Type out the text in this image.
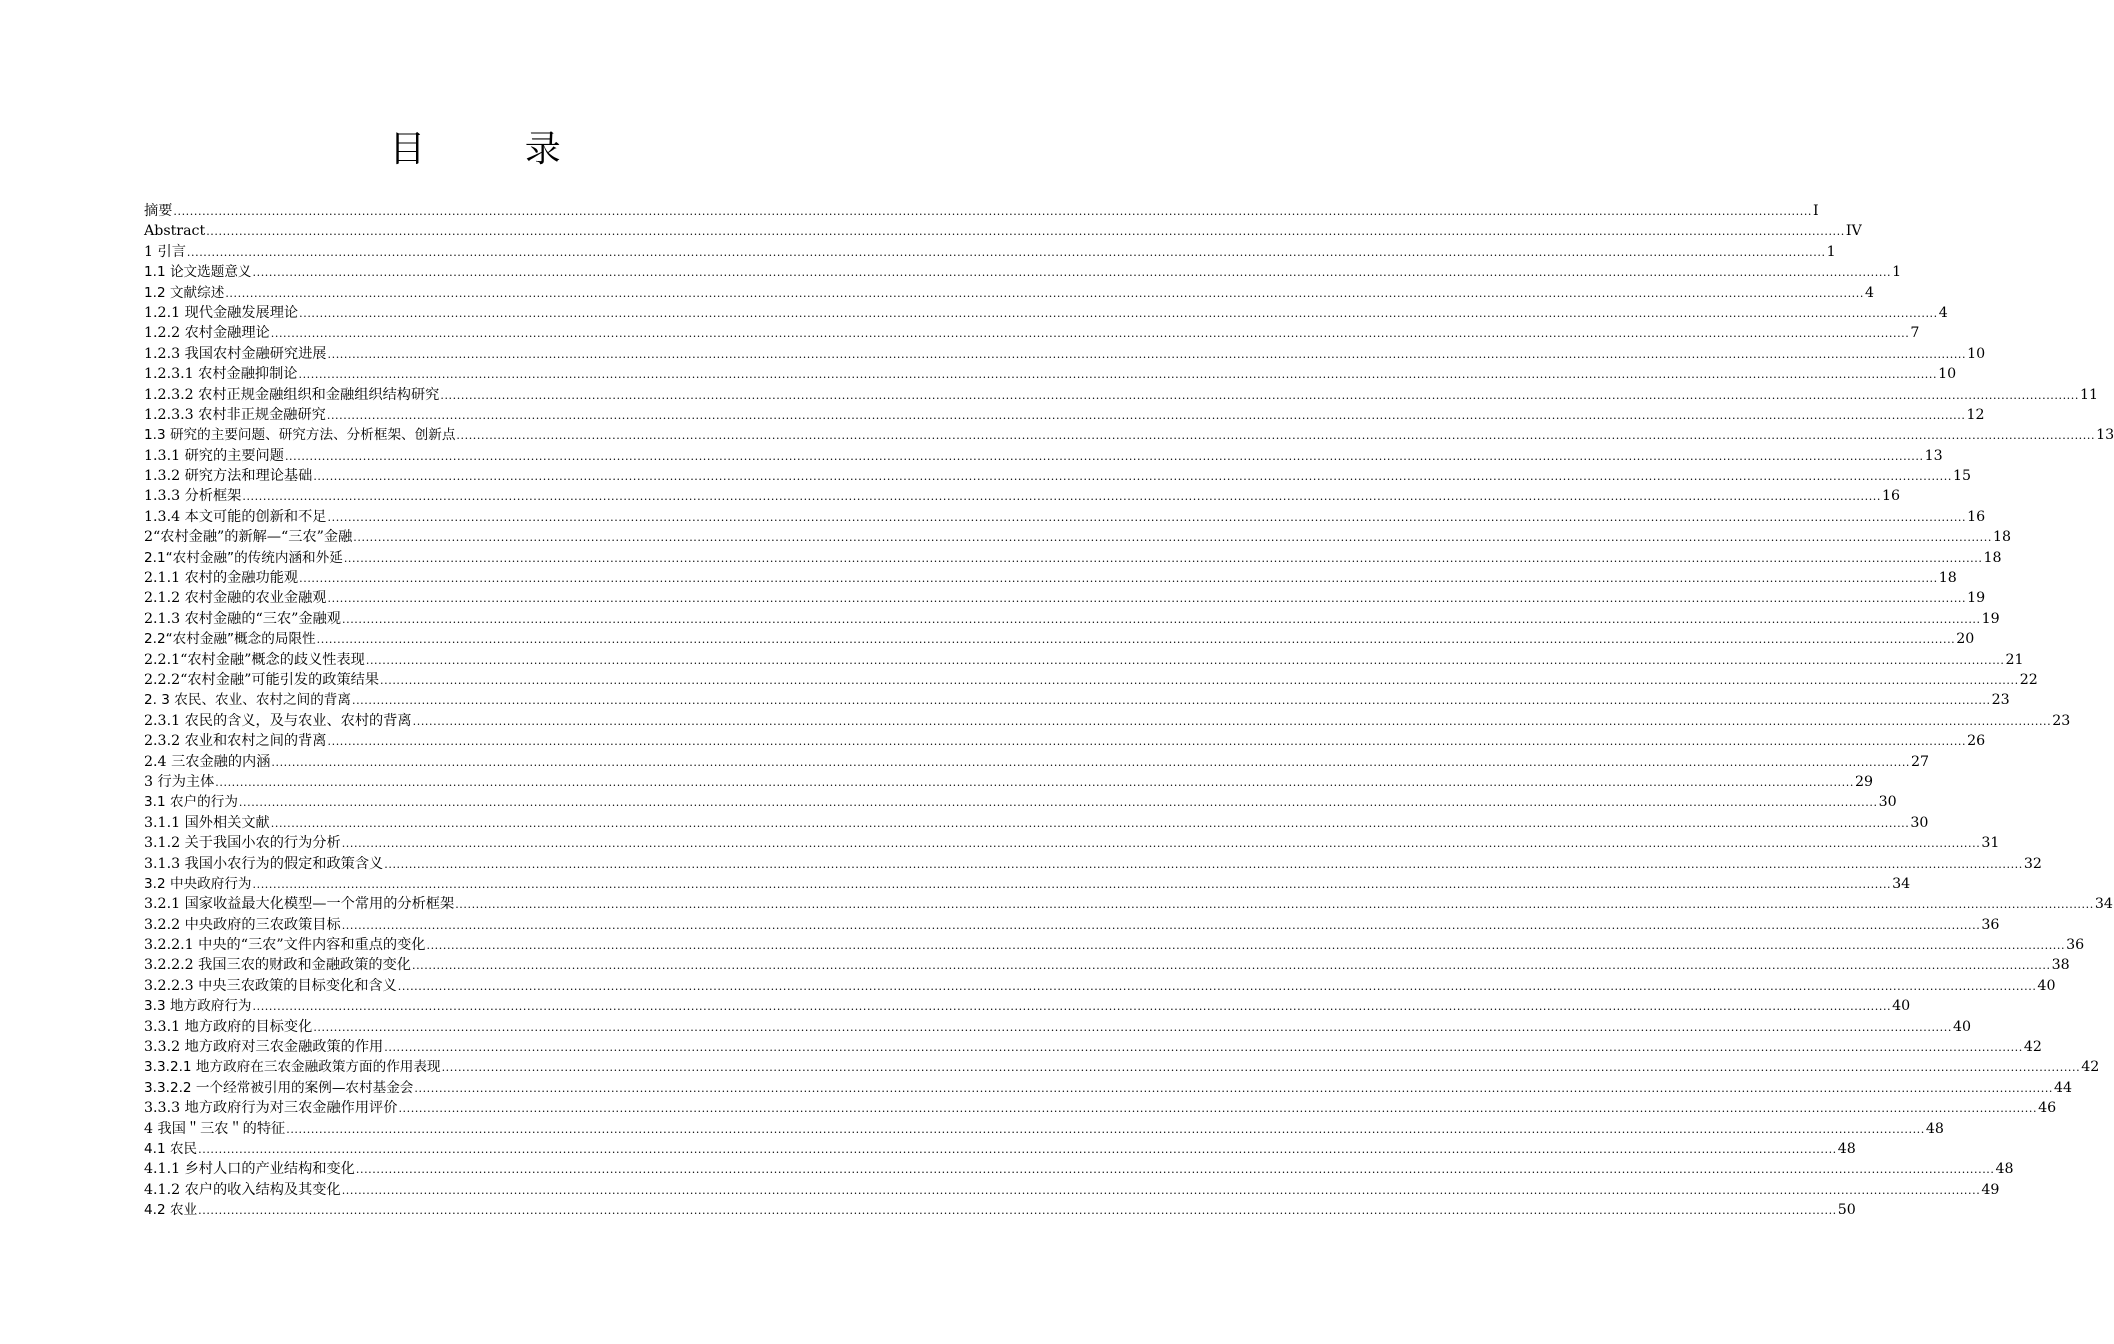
目 录
摘要 ................................................................................................................................................................................................................................................................................................................................................................................................................ I
Abstract ................................................................................................................................................................................................................................................................................................................................................................................................................ IV
1 引言 ................................................................................................................................................................................................................................................................................................................................................................................................................ 1
1.1 论文选题意义 ................................................................................................................................................................................................................................................................................................................................................................................................................ 1
1.2 文献综述 ................................................................................................................................................................................................................................................................................................................................................................................................................ 4
1.2.1 现代金融发展理论 ................................................................................................................................................................................................................................................................................................................................................................................................................ 4
1.2.2 农村金融理论 ................................................................................................................................................................................................................................................................................................................................................................................................................ 7
1.2.3 我国农村金融研究进展 ................................................................................................................................................................................................................................................................................................................................................................................................................ 10
1.2.3.1 农村金融抑制论 ................................................................................................................................................................................................................................................................................................................................................................................................................ 10
1.2.3.2 农村正规金融组织和金融组织结构研究 ................................................................................................................................................................................................................................................................................................................................................................................................................ 11
1.2.3.3 农村非正规金融研究 ................................................................................................................................................................................................................................................................................................................................................................................................................ 12
1.3 研究的主要问题、研究方法、分析框架、创新点 ................................................................................................................................................................................................................................................................................................................................................................................................................ 13
1.3.1 研究的主要问题 ................................................................................................................................................................................................................................................................................................................................................................................................................ 13
1.3.2 研究方法和理论基础 ................................................................................................................................................................................................................................................................................................................................................................................................................ 15
1.3.3 分析框架 ................................................................................................................................................................................................................................................................................................................................................................................................................ 16
1.3.4 本文可能的创新和不足 ................................................................................................................................................................................................................................................................................................................................................................................................................ 16
2“农村金融”的新解—“三农”金融 ................................................................................................................................................................................................................................................................................................................................................................................................................ 18
2.1“农村金融”的传统内涵和外延 ................................................................................................................................................................................................................................................................................................................................................................................................................ 18
2.1.1 农村的金融功能观 ................................................................................................................................................................................................................................................................................................................................................................................................................ 18
2.1.2 农村金融的农业金融观 ................................................................................................................................................................................................................................................................................................................................................................................................................ 19
2.1.3 农村金融的“三农”金融观 ................................................................................................................................................................................................................................................................................................................................................................................................................ 19
2.2“农村金融”概念的局限性 ................................................................................................................................................................................................................................................................................................................................................................................................................ 20
2.2.1“农村金融”概念的歧义性表现 ................................................................................................................................................................................................................................................................................................................................................................................................................ 21
2.2.2“农村金融”可能引发的政策结果 ................................................................................................................................................................................................................................................................................................................................................................................................................ 22
2. 3 农民、农业、农村之间的背离 ................................................................................................................................................................................................................................................................................................................................................................................................................ 23
2.3.1 农民的含义，及与农业、农村的背离 ................................................................................................................................................................................................................................................................................................................................................................................................................ 23
2.3.2 农业和农村之间的背离 ................................................................................................................................................................................................................................................................................................................................................................................................................ 26
2.4 三农金融的内涵 ................................................................................................................................................................................................................................................................................................................................................................................................................ 27
3 行为主体 ................................................................................................................................................................................................................................................................................................................................................................................................................ 29
3.1 农户的行为 ................................................................................................................................................................................................................................................................................................................................................................................................................ 30
3.1.1 国外相关文献 ................................................................................................................................................................................................................................................................................................................................................................................................................ 30
3.1.2 关于我国小农的行为分析 ................................................................................................................................................................................................................................................................................................................................................................................................................ 31
3.1.3 我国小农行为的假定和政策含义 ................................................................................................................................................................................................................................................................................................................................................................................................................ 32
3.2 中央政府行为 ................................................................................................................................................................................................................................................................................................................................................................................................................ 34
3.2.1 国家收益最大化模型—一个常用的分析框架 ................................................................................................................................................................................................................................................................................................................................................................................................................ 34
3.2.2 中央政府的三农政策目标 ................................................................................................................................................................................................................................................................................................................................................................................................................ 36
3.2.2.1 中央的“三农”文件内容和重点的变化 ................................................................................................................................................................................................................................................................................................................................................................................................................ 36
3.2.2.2 我国三农的财政和金融政策的变化 ................................................................................................................................................................................................................................................................................................................................................................................................................ 38
3.2.2.3 中央三农政策的目标变化和含义 ................................................................................................................................................................................................................................................................................................................................................................................................................ 40
3.3 地方政府行为 ................................................................................................................................................................................................................................................................................................................................................................................................................ 40
3.3.1 地方政府的目标变化 ................................................................................................................................................................................................................................................................................................................................................................................................................ 40
3.3.2 地方政府对三农金融政策的作用 ................................................................................................................................................................................................................................................................................................................................................................................................................ 42
3.3.2.1 地方政府在三农金融政策方面的作用表现 ................................................................................................................................................................................................................................................................................................................................................................................................................ 42
3.3.2.2 一个经常被引用的案例—农村基金会 ................................................................................................................................................................................................................................................................................................................................................................................................................ 44
3.3.3 地方政府行为对三农金融作用评价 ................................................................................................................................................................................................................................................................................................................................................................................................................ 46
4 我国＂三农＂的特征 ................................................................................................................................................................................................................................................................................................................................................................................................................ 48
4.1 农民 ................................................................................................................................................................................................................................................................................................................................................................................................................ 48
4.1.1 乡村人口的产业结构和变化 ................................................................................................................................................................................................................................................................................................................................................................................................................ 48
4.1.2 农户的收入结构及其变化 ................................................................................................................................................................................................................................................................................................................................................................................................................ 49
4.2 农业 ................................................................................................................................................................................................................................................................................................................................................................................................................ 50
